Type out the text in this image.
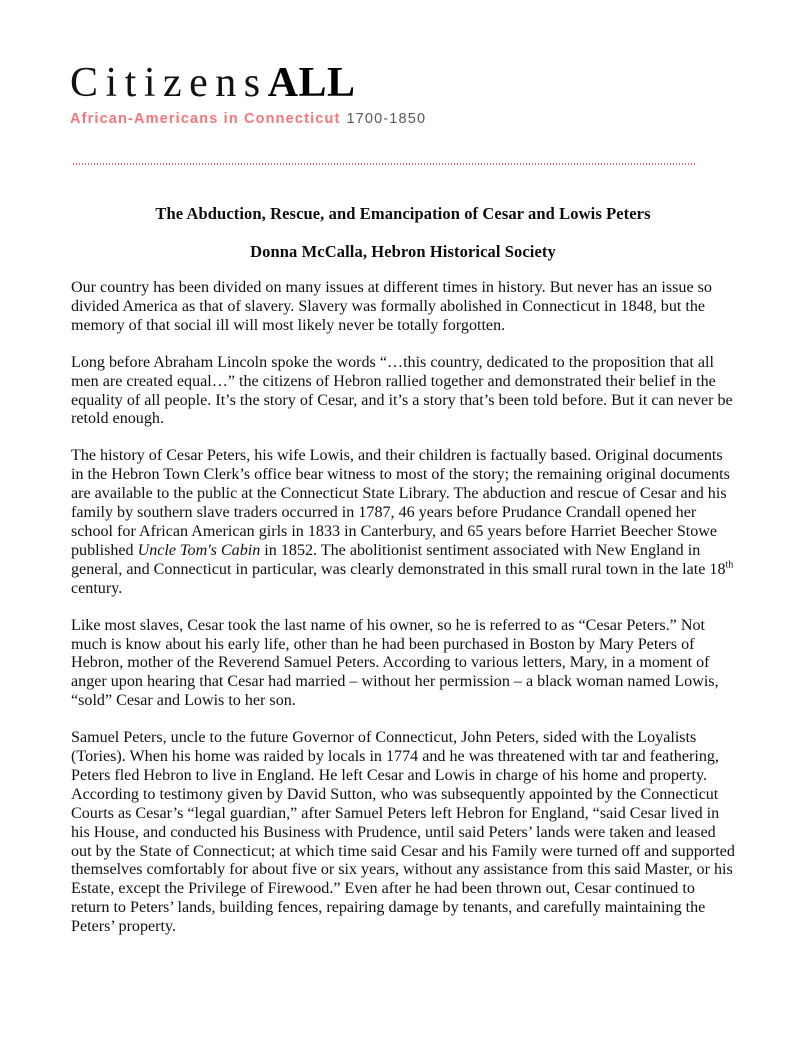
CitizensALL
African-Americans in Connecticut 1700-1850
The Abduction, Rescue, and Emancipation of Cesar and Lowis Peters
Donna McCalla, Hebron Historical Society

Our country has been divided on many issues at different times in history. But never has an issue so divided America as that of slavery. Slavery was formally abolished in Connecticut in 1848, but the memory of that social ill will most likely never be totally forgotten.

Long before Abraham Lincoln spoke the words “…this country, dedicated to the proposition that all men are created equal…” the citizens of Hebron rallied together and demonstrated their belief in the equality of all people. It’s the story of Cesar, and it’s a story that’s been told before. But it can never be retold enough.

The history of Cesar Peters, his wife Lowis, and their children is factually based. Original documents in the Hebron Town Clerk’s office bear witness to most of the story; the remaining original documents are available to the public at the Connecticut State Library. The abduction and rescue of Cesar and his family by southern slave traders occurred in 1787, 46 years before Prudance Crandall opened her school for African American girls in 1833 in Canterbury, and 65 years before Harriet Beecher Stowe published Uncle Tom's Cabin in 1852. The abolitionist sentiment associated with New England in general, and Connecticut in particular, was clearly demonstrated in this small rural town in the late 18th century.

Like most slaves, Cesar took the last name of his owner, so he is referred to as “Cesar Peters.” Not much is know about his early life, other than he had been purchased in Boston by Mary Peters of Hebron, mother of the Reverend Samuel Peters. According to various letters, Mary, in a moment of anger upon hearing that Cesar had married – without her permission – a black woman named Lowis, “sold” Cesar and Lowis to her son.

Samuel Peters, uncle to the future Governor of Connecticut, John Peters, sided with the Loyalists (Tories). When his home was raided by locals in 1774 and he was threatened with tar and feathering, Peters fled Hebron to live in England. He left Cesar and Lowis in charge of his home and property. According to testimony given by David Sutton, who was subsequently appointed by the Connecticut Courts as Cesar’s “legal guardian,” after Samuel Peters left Hebron for England, “said Cesar lived in his House, and conducted his Business with Prudence, until said Peters’ lands were taken and leased out by the State of Connecticut; at which time said Cesar and his Family were turned off and supported themselves comfortably for about five or six years, without any assistance from this said Master, or his Estate, except the Privilege of Firewood.” Even after he had been thrown out, Cesar continued to return to Peters’ lands, building fences, repairing damage by tenants, and carefully maintaining the Peters’ property.
